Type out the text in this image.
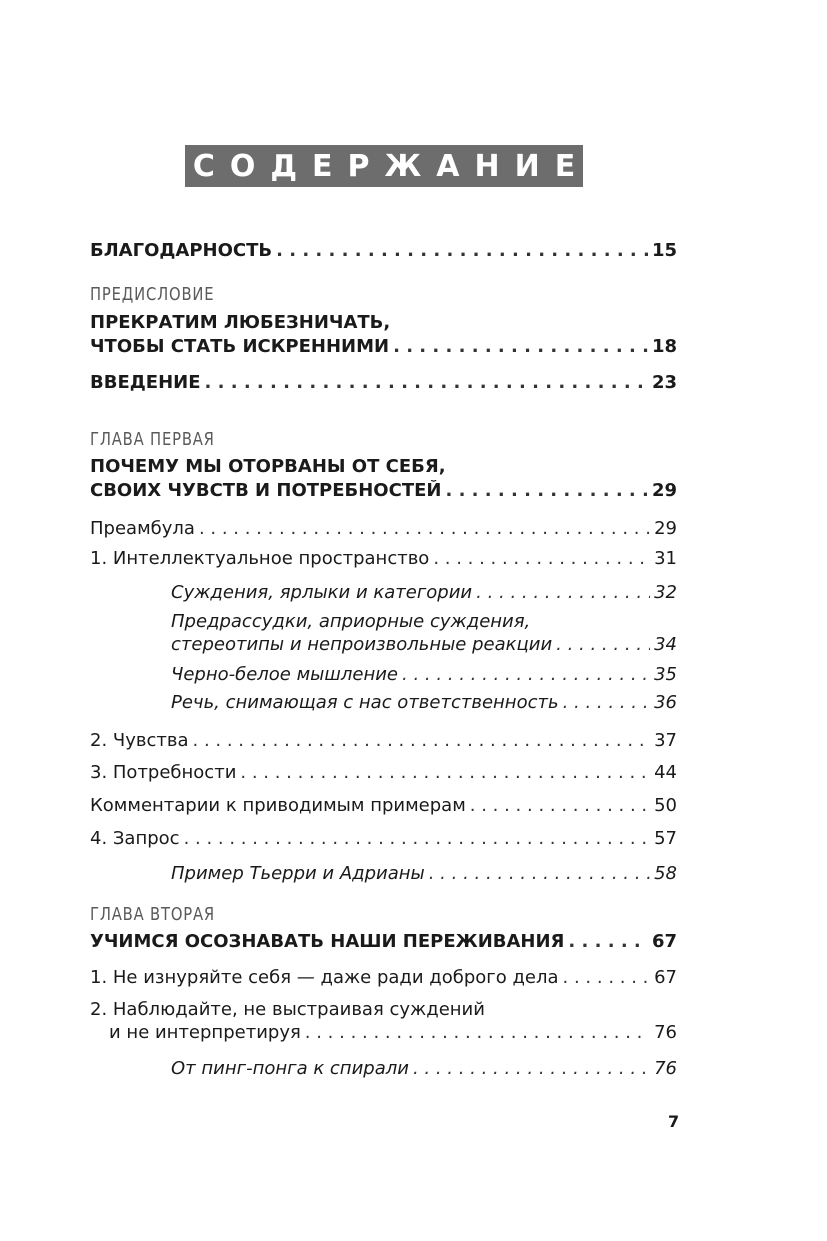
СОДЕРЖАНИЕ
БЛАГОДАРНОСТЬ . . .	15
ПРЕДИСЛОВИЕ
ПРЕКРАТИМ ЛЮБЕЗНИЧАТЬ,
ЧТОБЫ СТАТЬ ИСКРЕННИМИ . . .	18
ВВЕДЕНИЕ . . .	23
ГЛАВА ПЕРВАЯ
ПОЧЕМУ МЫ ОТОРВАНЫ ОТ СЕБЯ,
СВОИХ ЧУВСТВ И ПОТРЕБНОСТЕЙ . . .	29
Преамбула . . .	29
1. Интеллектуальное пространство . . .	31
Суждения, ярлыки и категории . . .	32
Предрассудки, априорные суждения,
стереотипы и непроизвольные реакции . . .	34
Черно-белое мышление . . .	35
Речь, снимающая с нас ответственность . . .	36
2. Чувства . . .	37
3. Потребности . . .	44
Комментарии к приводимым примерам . . .	50
4. Запрос . . .	57
Пример Тьерри и Адрианы . . .	58
ГЛАВА ВТОРАЯ
УЧИМСЯ ОСОЗНАВАТЬ НАШИ ПЕРЕЖИВАНИЯ . . .	67
1. Не изнуряйте себя — даже ради доброго дела . . .	67
2. Наблюдайте, не выстраивая суждений
и не интерпретируя . . .	76
От пинг-понга к спирали . . .	76
7
